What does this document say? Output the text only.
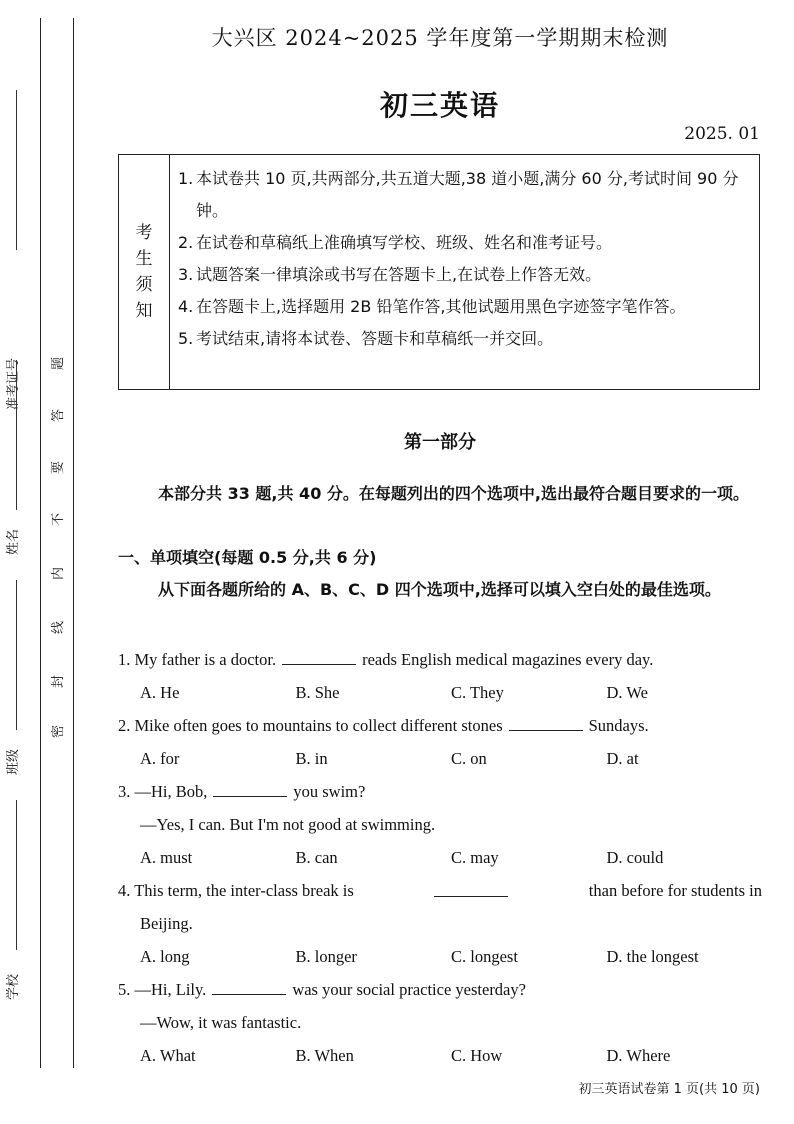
准考证号
姓名
班级
学校
密
封
线
内
不
要
答
题
大兴区 2024~2025 学年度第一学期期末检测
初三英语
2025. 01
考
生
须
知
1. 本试卷共 10 页,共两部分,共五道大题,38 道小题,满分 60 分,考试时间 90 分钟。
2. 在试卷和草稿纸上准确填写学校、班级、姓名和准考证号。
3. 试题答案一律填涂或书写在答题卡上,在试卷上作答无效。
4. 在答题卡上,选择题用 2B 铅笔作答,其他试题用黑色字迹签字笔作答。
5. 考试结束,请将本试卷、答题卡和草稿纸一并交回。
第一部分
本部分共 33 题,共 40 分。在每题列出的四个选项中,选出最符合题目要求的一项。
一、单项填空(每题 0.5 分,共 6 分)
从下面各题所给的 A、B、C、D 四个选项中,选择可以填入空白处的最佳选项。
1. My father is a doctor.	reads English medical magazines every day.
A. He	B. She	C. They	D. We
2. Mike often goes to mountains to collect different stones	Sundays.
A. for	B. in	C. on	D. at
3. —Hi, Bob,	you swim?
—Yes, I can. But I'm not good at swimming.
A. must	B. can	C. may	D. could
4. This term, the inter-class break is	than before for students in
Beijing.
A. long	B. longer	C. longest	D. the longest
5. —Hi, Lily.	was your social practice yesterday?
—Wow, it was fantastic.
A. What	B. When	C. How	D. Where
初三英语试卷第 1 页(共 10 页)
